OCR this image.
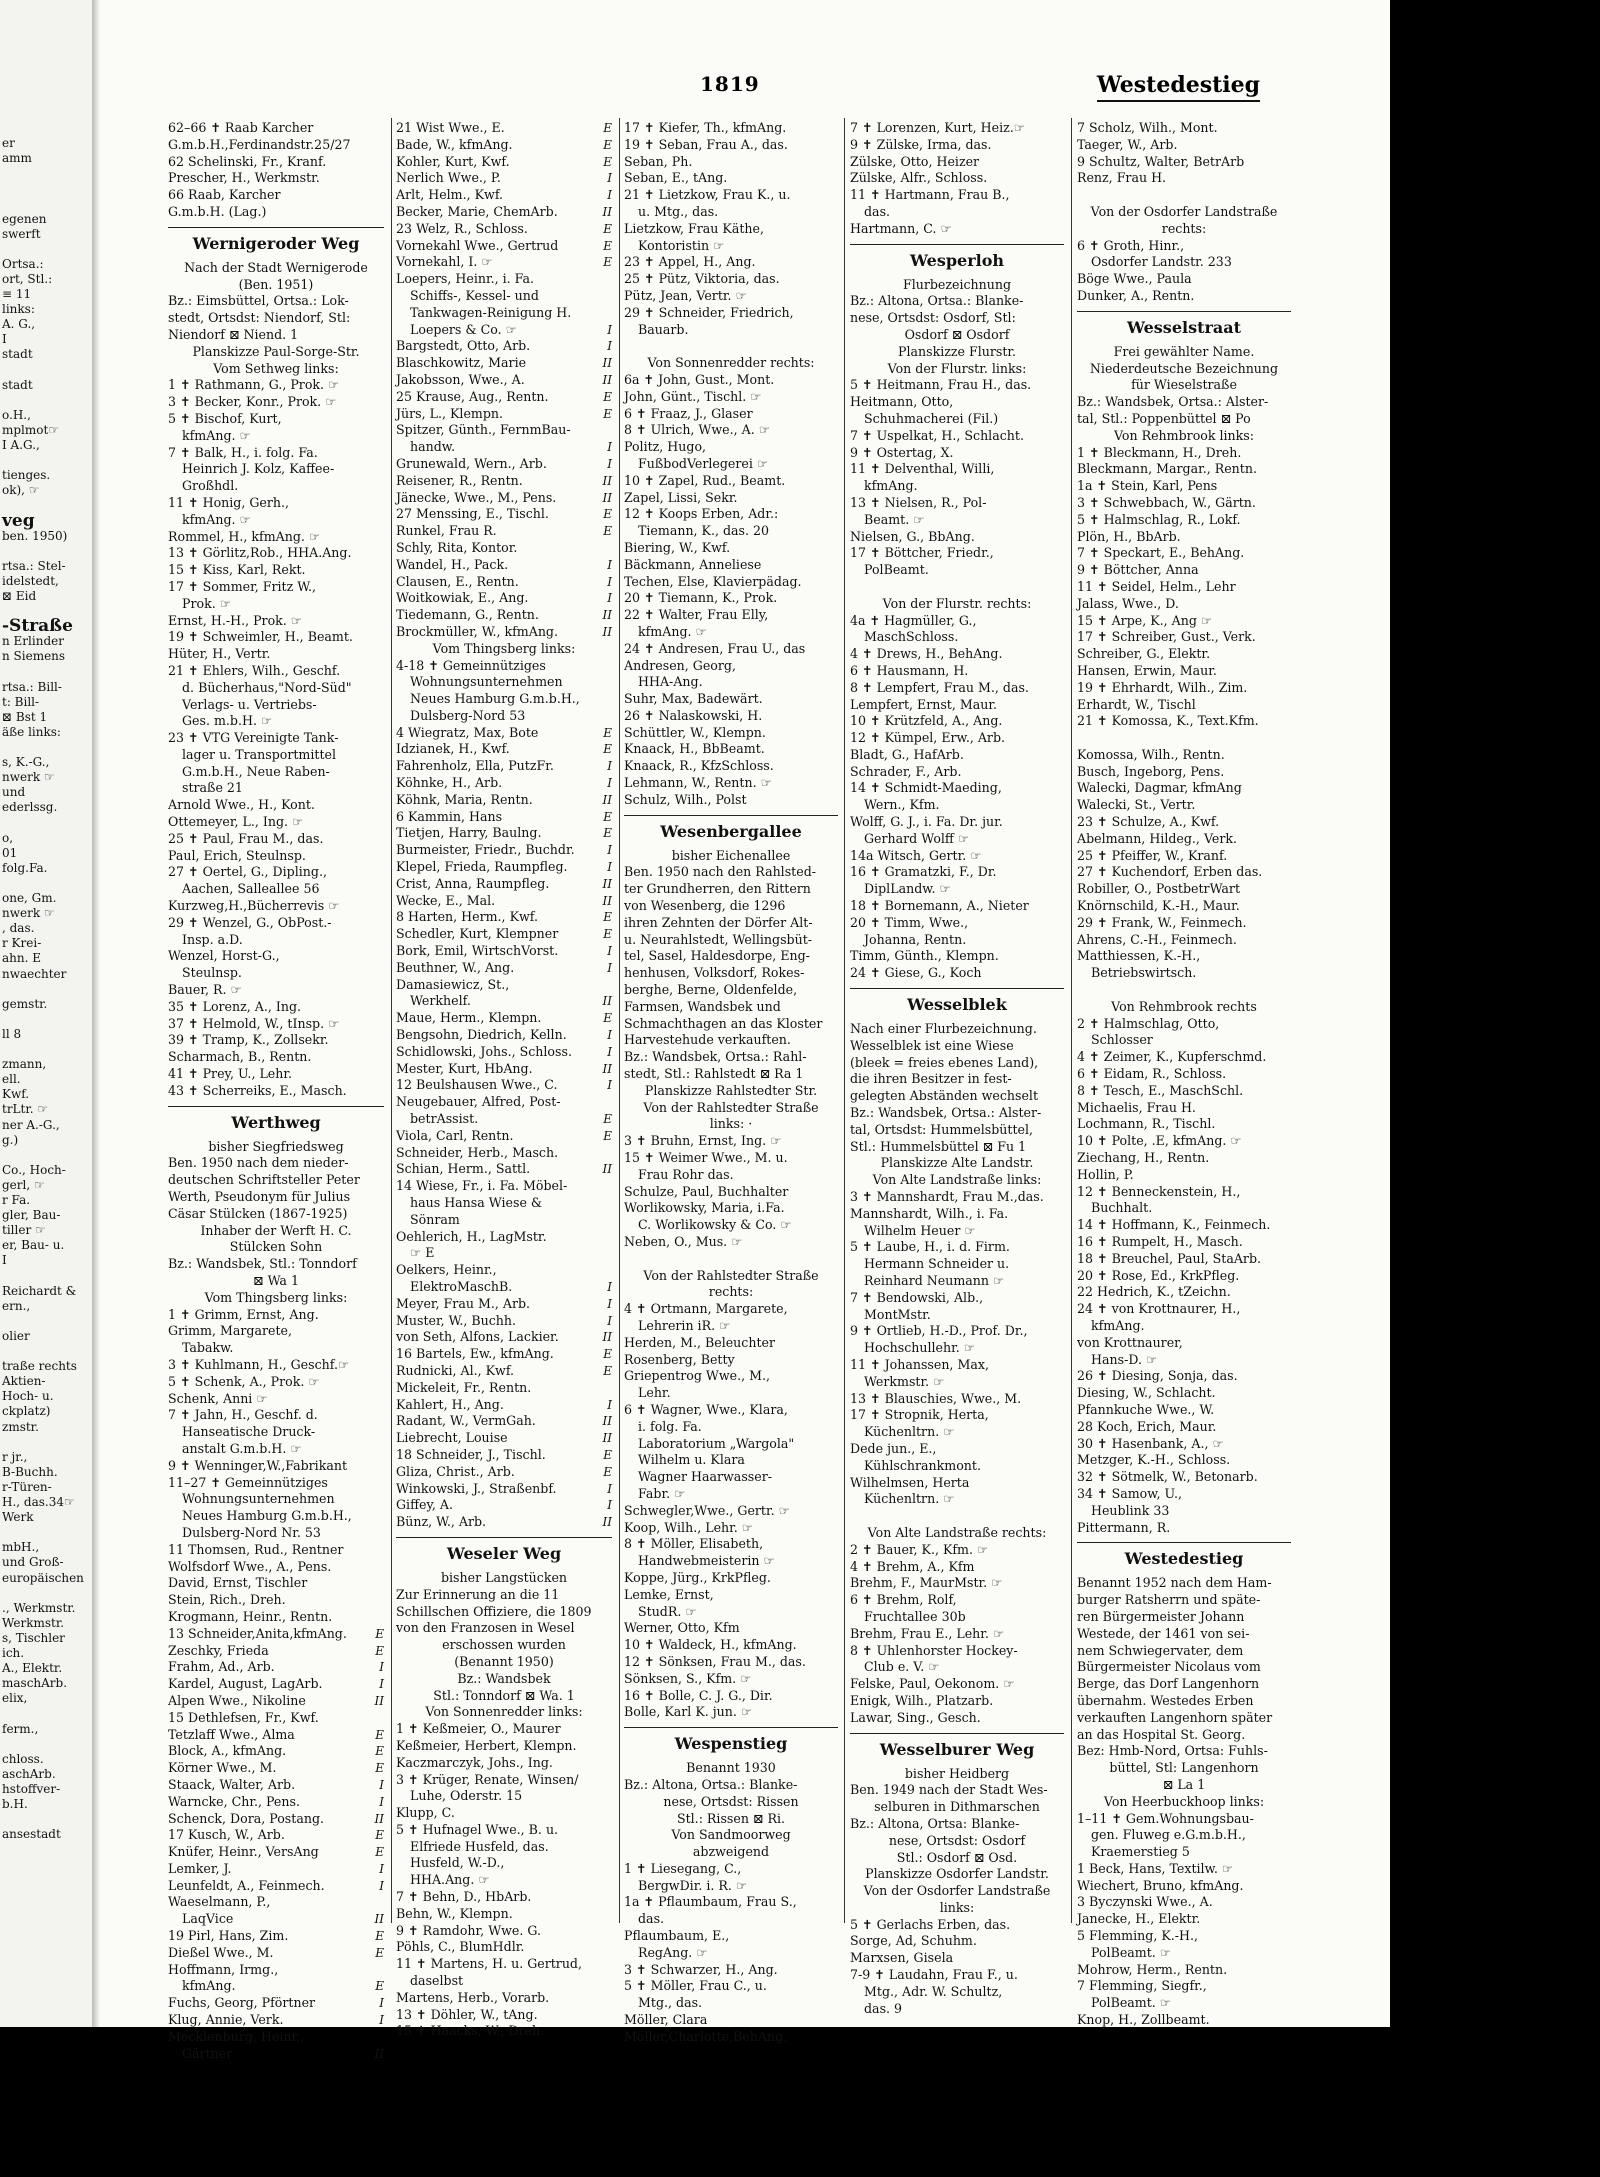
er
amm
egenen
swerft
Ortsa.:
ort, Stl.:
≡ 11
links:
A. G.,
I
stadt
stadt
o.H.,
mplmot☞
I A.G.,
tienges.
ok), ☞
veg
ben. 1950)
rtsa.: Stel-
idelstedt,
⊠ Eid
-Straße
n Erlinder
n Siemens
rtsa.: Bill-
t: Bill-
⊠ Bst 1
äße links:
s, K.-G.,
nwerk ☞
und
ederlssg.
o,
01
folg.Fa.
one, Gm.
nwerk ☞
, das.
r Krei-
ahn. E
nwaechter
gemstr.
ll 8
zmann,
ell.
Kwf.
trLtr. ☞
ner A.-G.,
g.)
Co., Hoch-
gerl, ☞
r Fa.
gler, Bau-
tiller ☞
er, Bau- u.
I
Reichardt &
ern.,
olier
traße rechts
Aktien-
Hoch- u.
ckplatz)
zmstr.
r jr.,
B-Buchh.
r-Türen-
H., das.34☞
Werk
mbH.,
und Groß-
europäischen
., Werkmstr.
Werkmstr.
s, Tischler
ich.
A., Elektr.
maschArb.
elix,
ferm.,
chloss.
aschArb.
hstoffver-
b.H.
ansestadt
1819	Westedestieg
62–66 ✝ Raab Karcher
G.m.b.H.,Ferdinandstr.25/27
62 Schelinski, Fr., Kranf.
Prescher, H., Werkmstr.
66 Raab, Karcher
G.m.b.H. (Lag.)
Wernigeroder Weg
Nach der Stadt Wernigerode
(Ben. 1951)
Bz.: Eimsbüttel, Ortsa.: Lok-
stedt, Ortsdst: Niendorf, Stl:
Niendorf ⊠ Niend. 1
Planskizze Paul-Sorge-Str.
Vom Sethweg links:
1 ✝ Rathmann, G., Prok. ☞
3 ✝ Becker, Konr., Prok. ☞
5 ✝ Bischof, Kurt,
kfmAng. ☞
7 ✝ Balk, H., i. folg. Fa.
Heinrich J. Kolz, Kaffee-
Großhdl.
11 ✝ Honig, Gerh.,
kfmAng. ☞
Rommel, H., kfmAng. ☞
13 ✝ Görlitz,Rob., HHA.Ang.
15 ✝ Kiss, Karl, Rekt.
17 ✝ Sommer, Fritz W.,
Prok. ☞
Ernst, H.-H., Prok. ☞
19 ✝ Schweimler, H., Beamt.
Hüter, H., Vertr.
21 ✝ Ehlers, Wilh., Geschf.
d. Bücherhaus,"Nord-Süd"
Verlags- u. Vertriebs-
Ges. m.b.H. ☞
23 ✝ VTG Vereinigte Tank-
lager u. Transportmittel
G.m.b.H., Neue Raben-
straße 21
Arnold Wwe., H., Kont.
Ottemeyer, L., Ing. ☞
25 ✝ Paul, Frau M., das.
Paul, Erich, Steulnsp.
27 ✝ Oertel, G., Dipling.,
Aachen, Salleallee 56
Kurzweg,H.,Bücherrevis ☞
29 ✝ Wenzel, G., ObPost.-
Insp. a.D.
Wenzel, Horst-G.,
Steulnsp.
Bauer, R. ☞
35 ✝ Lorenz, A., Ing.
37 ✝ Helmold, W., tInsp. ☞
39 ✝ Tramp, K., Zollsekr.
Scharmach, B., Rentn.
41 ✝ Prey, U., Lehr.
43 ✝ Scherreiks, E., Masch.
Werthweg
bisher Siegfriedsweg
Ben. 1950 nach dem nieder-
deutschen Schriftsteller Peter
Werth, Pseudonym für Julius
Cäsar Stülcken (1867-1925)
Inhaber der Werft H. C.
Stülcken Sohn
Bz.: Wandsbek, Stl.: Tonndorf
⊠ Wa 1
Vom Thingsberg links:
1 ✝ Grimm, Ernst, Ang.
Grimm, Margarete,
Tabakw.
3 ✝ Kuhlmann, H., Geschf.☞
5 ✝ Schenk, A., Prok. ☞
Schenk, Anni ☞
7 ✝ Jahn, H., Geschf. d.
Hanseatische Druck-
anstalt G.m.b.H. ☞
9 ✝ Wenninger,W.,Fabrikant
11–27 ✝ Gemeinnütziges
Wohnungsunternehmen
Neues Hamburg G.m.b.H.,
Dulsberg-Nord Nr. 53
11 Thomsen, Rud., Rentner
Wolfsdorf Wwe., A., Pens.
David, Ernst, Tischler
Stein, Rich., Dreh.
Krogmann, Heinr., Rentn.
13 Schneider,Anita,kfmAng. E
Zeschky, Frieda	E
Frahm, Ad., Arb.	I
Kardel, August, LagArb.	I
Alpen Wwe., Nikoline	II
15 Dethlefsen, Fr., Kwf.
Tetzlaff Wwe., Alma	E
Block, A., kfmAng.	E
Körner Wwe., M.	E
Staack, Walter, Arb.	I
Warncke, Chr., Pens.	I
Schenck, Dora, Postang.	II
17 Kusch, W., Arb.	E
Knüfer, Heinr., VersAng	E
Lemker, J.	I
Leunfeldt, A., Feinmech.	I
Waeselmann, P.,
LaqVice	II
19 Pirl, Hans, Zim.	E
Dießel Wwe., M.	E
Hoffmann, Irmg.,
kfmAng.	E
Fuchs, Georg, Pförtner	I
Klug, Annie, Verk.	I
Mecklenburg, Heinr.,
Gärtner	II
21 Wist Wwe., E.	E
Bade, W., kfmAng.	E
Kohler, Kurt, Kwf.	E
Nerlich Wwe., P.	I
Arlt, Helm., Kwf.	I
Becker, Marie, ChemArb.	II
23 Welz, R., Schloss.	E
Vornekahl Wwe., Gertrud	E
Vornekahl, I. ☞	E
Loepers, Heinr., i. Fa.
Schiffs-, Kessel- und
Tankwagen-Reinigung H.
Loepers & Co. ☞	I
Bargstedt, Otto, Arb.	I
Blaschkowitz, Marie	II
Jakobsson, Wwe., A.	II
25 Krause, Aug., Rentn.	E
Jürs, L., Klempn.	E
Spitzer, Günth., FernmBau-
handw.	I
Grunewald, Wern., Arb.	I
Reisener, R., Rentn.	II
Jänecke, Wwe., M., Pens.	II
27 Menssing, E., Tischl.	E
Runkel, Frau R.	E
Schly, Rita, Kontor.
Wandel, H., Pack.	I
Clausen, E., Rentn.	I
Woitkowiak, E., Ang.	I
Tiedemann, G., Rentn.	II
Brockmüller, W., kfmAng.	II
Vom Thingsberg links:
4-18 ✝ Gemeinnütziges
Wohnungsunternehmen
Neues Hamburg G.m.b.H.,
Dulsberg-Nord 53
4 Wiegratz, Max, Bote	E
Idzianek, H., Kwf.	E
Fahrenholz, Ella, PutzFr.	I
Köhnke, H., Arb.	I
Köhnk, Maria, Rentn.	II
6 Kammin, Hans	E
Tietjen, Harry, Baulng.	E
Burmeister, Friedr., Buchdr.	I
Klepel, Frieda, Raumpfleg.	I
Crist, Anna, Raumpfleg.	II
Wecke, E., Mal.	II
8 Harten, Herm., Kwf.	E
Schedler, Kurt, Klempner	E
Bork, Emil, WirtschVorst.	I
Beuthner, W., Ang.	I
Damasiewicz, St.,
Werkhelf.	II
Maue, Herm., Klempn.	E
Bengsohn, Diedrich, Kelln.	I
Schidlowski, Johs., Schloss.	I
Mester, Kurt, HbAng.	II
12 Beulshausen Wwe., C.	I
Neugebauer, Alfred, Post-
betrAssist.	E
Viola, Carl, Rentn.	E
Schneider, Herb., Masch.
Schian, Herm., Sattl.	II
14 Wiese, Fr., i. Fa. Möbel-
haus Hansa Wiese &
Sönram
Oehlerich, H., LagMstr.
☞ E
Oelkers, Heinr.,
ElektroMaschB.	I
Meyer, Frau M., Arb.	I
Muster, W., Buchh.	I
von Seth, Alfons, Lackier.	II
16 Bartels, Ew., kfmAng.	E
Rudnicki, Al., Kwf.	E
Mickeleit, Fr., Rentn.
Kahlert, H., Ang.	I
Radant, W., VermGah.	II
Liebrecht, Louise	II
18 Schneider, J., Tischl.	E
Gliza, Christ., Arb.	E
Winkowski, J., Straßenbf.	I
Giffey, A.	I
Bünz, W., Arb.	II
Weseler Weg
bisher Langstücken
Zur Erinnerung an die 11
Schillschen Offiziere, die 1809
von den Franzosen in Wesel
erschossen wurden
(Benannt 1950)
Bz.: Wandsbek
Stl.: Tonndorf ⊠ Wa. 1
Von Sonnenredder links:
1 ✝ Keßmeier, O., Maurer
Keßmeier, Herbert, Klempn.
Kaczmarczyk, Johs., Ing.
3 ✝ Krüger, Renate, Winsen/
Luhe, Oderstr. 15
Klupp, C.
5 ✝ Hufnagel Wwe., B. u.
Elfriede Husfeld, das.
Husfeld, W.-D.,
HHA.Ang. ☞
7 ✝ Behn, D., HbArb.
Behn, W., Klempn.
9 ✝ Ramdohr, Wwe. G.
Pöhls, C., BlumHdlr.
11 ✝ Martens, H. u. Gertrud,
daselbst
Martens, Herb., Vorarb.
13 ✝ Döhler, W., tAng.
15 ✝ Haacks, W., Dreh.
17 ✝ Kiefer, Th., kfmAng.
19 ✝ Seban, Frau A., das.
Seban, Ph.
Seban, E., tAng.
21 ✝ Lietzkow, Frau K., u.
u. Mtg., das.
Lietzkow, Frau Käthe,
Kontoristin ☞
23 ✝ Appel, H., Ang.
25 ✝ Pütz, Viktoria, das.
Pütz, Jean, Vertr. ☞
29 ✝ Schneider, Friedrich,
Bauarb.
Von Sonnenredder rechts:
6a ✝ John, Gust., Mont.
John, Günt., Tischl. ☞
6 ✝ Fraaz, J., Glaser
8 ✝ Ulrich, Wwe., A. ☞
Politz, Hugo,
FußbodVerlegerei ☞
10 ✝ Zapel, Rud., Beamt.
Zapel, Lissi, Sekr.
12 ✝ Koops Erben, Adr.:
Tiemann, K., das. 20
Biering, W., Kwf.
Bäckmann, Anneliese
Techen, Else, Klavierpädag.
20 ✝ Tiemann, K., Prok.
22 ✝ Walter, Frau Elly,
kfmAng. ☞
24 ✝ Andresen, Frau U., das
Andresen, Georg,
HHA-Ang.
Suhr, Max, Badewärt.
26 ✝ Nalaskowski, H.
Schüttler, W., Klempn.
Knaack, H., BbBeamt.
Knaack, R., KfzSchloss.
Lehmann, W., Rentn. ☞
Schulz, Wilh., Polst
Wesenbergallee
bisher Eichenallee
Ben. 1950 nach den Rahlsted-
ter Grundherren, den Rittern
von Wesenberg, die 1296
ihren Zehnten der Dörfer Alt-
u. Neurahlstedt, Wellingsbüt-
tel, Sasel, Haldesdorpe, Eng-
henhusen, Volksdorf, Rokes-
berghe, Berne, Oldenfelde,
Farmsen, Wandsbek und
Schmachthagen an das Kloster
Harvestehude verkauften.
Bz.: Wandsbek, Ortsa.: Rahl-
stedt, Stl.: Rahlstedt ⊠ Ra 1
Planskizze Rahlstedter Str.
Von der Rahlstedter Straße
links: ·
3 ✝ Bruhn, Ernst, Ing. ☞
15 ✝ Weimer Wwe., M. u.
Frau Rohr das.
Schulze, Paul, Buchhalter
Worlikowsky, Maria, i.Fa.
C. Worlikowsky & Co. ☞
Neben, O., Mus. ☞
Von der Rahlstedter Straße
rechts:
4 ✝ Ortmann, Margarete,
Lehrerin iR. ☞
Herden, M., Beleuchter
Rosenberg, Betty
Griepentrog Wwe., M.,
Lehr.
6 ✝ Wagner, Wwe., Klara,
i. folg. Fa.
Laboratorium „Wargola"
Wilhelm u. Klara
Wagner Haarwasser-
Fabr. ☞
Schwegler,Wwe., Gertr. ☞
Koop, Wilh., Lehr. ☞
8 ✝ Möller, Elisabeth,
Handwebmeisterin ☞
Koppe, Jürg., KrkPfleg.
Lemke, Ernst,
StudR. ☞
Werner, Otto, Kfm
10 ✝ Waldeck, H., kfmAng.
12 ✝ Sönksen, Frau M., das.
Sönksen, S., Kfm. ☞
16 ✝ Bolle, C. J. G., Dir.
Bolle, Karl K. jun. ☞
Wespenstieg
Benannt 1930
Bz.: Altona, Ortsa.: Blanke-
nese, Ortsdst: Rissen
Stl.: Rissen ⊠ Ri.
Von Sandmoorweg
abzweigend
1 ✝ Liesegang, C.,
BergwDir. i. R. ☞
1a ✝ Pflaumbaum, Frau S.,
das.
Pflaumbaum, E.,
RegAng. ☞
3 ✝ Schwarzer, H., Ang.
5 ✝ Möller, Frau C., u.
Mtg., das.
Möller, Clara
Möller,Charlotte,BehAng.
7 ✝ Lorenzen, Kurt, Heiz.☞
9 ✝ Zülske, Irma, das.
Zülske, Otto, Heizer
Zülske, Alfr., Schloss.
11 ✝ Hartmann, Frau B.,
das.
Hartmann, C. ☞
Wesperloh
Flurbezeichnung
Bz.: Altona, Ortsa.: Blanke-
nese, Ortsdst: Osdorf, Stl:
Osdorf ⊠ Osdorf
Planskizze Flurstr.
Von der Flurstr. links:
5 ✝ Heitmann, Frau H., das.
Heitmann, Otto,
Schuhmacherei (Fil.)
7 ✝ Uspelkat, H., Schlacht.
9 ✝ Ostertag, X.
11 ✝ Delventhal, Willi,
kfmAng.
13 ✝ Nielsen, R., Pol-
Beamt. ☞
Nielsen, G., BbAng.
17 ✝ Böttcher, Friedr.,
PolBeamt.
Von der Flurstr. rechts:
4a ✝ Hagmüller, G.,
MaschSchloss.
4 ✝ Drews, H., BehAng.
6 ✝ Hausmann, H.
8 ✝ Lempfert, Frau M., das.
Lempfert, Ernst, Maur.
10 ✝ Krützfeld, A., Ang.
12 ✝ Kümpel, Erw., Arb.
Bladt, G., HafArb.
Schrader, F., Arb.
14 ✝ Schmidt-Maeding,
Wern., Kfm.
Wolff, G. J., i. Fa. Dr. jur.
Gerhard Wolff ☞
14a Witsch, Gertr. ☞
16 ✝ Gramatzki, F., Dr.
DiplLandw. ☞
18 ✝ Bornemann, A., Nieter
20 ✝ Timm, Wwe.,
Johanna, Rentn.
Timm, Günth., Klempn.
24 ✝ Giese, G., Koch
Wesselblek
Nach einer Flurbezeichnung.
Wesselblek ist eine Wiese
(bleek = freies ebenes Land),
die ihren Besitzer in fest-
gelegten Abständen wechselt
Bz.: Wandsbek, Ortsa.: Alster-
tal, Ortsdst: Hummelsbüttel,
Stl.: Hummelsbüttel ⊠ Fu 1
Planskizze Alte Landstr.
Von Alte Landstraße links:
3 ✝ Mannshardt, Frau M.,das.
Mannshardt, Wilh., i. Fa.
Wilhelm Heuer ☞
5 ✝ Laube, H., i. d. Firm.
Hermann Schneider u.
Reinhard Neumann ☞
7 ✝ Bendowski, Alb.,
MontMstr.
9 ✝ Ortlieb, H.-D., Prof. Dr.,
Hochschullehr. ☞
11 ✝ Johanssen, Max,
Werkmstr. ☞
13 ✝ Blauschies, Wwe., M.
17 ✝ Stropnik, Herta,
Küchenltrn. ☞
Dede jun., E.,
Kühlschrankmont.
Wilhelmsen, Herta
Küchenltrn. ☞
Von Alte Landstraße rechts:
2 ✝ Bauer, K., Kfm. ☞
4 ✝ Brehm, A., Kfm
Brehm, F., MaurMstr. ☞
6 ✝ Brehm, Rolf,
Fruchtallee 30b
Brehm, Frau E., Lehr. ☞
8 ✝ Uhlenhorster Hockey-
Club e. V. ☞
Felske, Paul, Oekonom. ☞
Enigk, Wilh., Platzarb.
Lawar, Sing., Gesch.
Wesselburer Weg
bisher Heidberg
Ben. 1949 nach der Stadt Wes-
selburen in Dithmarschen
Bz.: Altona, Ortsa: Blanke-
nese, Ortsdst: Osdorf
Stl.: Osdorf ⊠ Osd.
Planskizze Osdorfer Landstr.
Von der Osdorfer Landstraße
links:
5 ✝ Gerlachs Erben, das.
Sorge, Ad, Schuhm.
Marxsen, Gisela
7-9 ✝ Laudahn, Frau F., u.
Mtg., Adr. W. Schultz,
das. 9
7 Scholz, Wilh., Mont.
Taeger, W., Arb.
9 Schultz, Walter, BetrArb
Renz, Frau H.
Von der Osdorfer Landstraße
rechts:
6 ✝ Groth, Hinr.,
Osdorfer Landstr. 233
Böge Wwe., Paula
Dunker, A., Rentn.
Wesselstraat
Frei gewählter Name.
Niederdeutsche Bezeichnung
für Wieselstraße
Bz.: Wandsbek, Ortsa.: Alster-
tal, Stl.: Poppenbüttel ⊠ Po
Von Rehmbrook links:
1 ✝ Bleckmann, H., Dreh.
Bleckmann, Margar., Rentn.
1a ✝ Stein, Karl, Pens
3 ✝ Schwebbach, W., Gärtn.
5 ✝ Halmschlag, R., Lokf.
Plön, H., BbArb.
7 ✝ Speckart, E., BehAng.
9 ✝ Böttcher, Anna
11 ✝ Seidel, Helm., Lehr
Jalass, Wwe., D.
15 ✝ Arpe, K., Ang ☞
17 ✝ Schreiber, Gust., Verk.
Schreiber, G., Elektr.
Hansen, Erwin, Maur.
19 ✝ Ehrhardt, Wilh., Zim.
Erhardt, W., Tischl
21 ✝ Komossa, K., Text.Kfm.
Komossa, Wilh., Rentn.
Busch, Ingeborg, Pens.
Walecki, Dagmar, kfmAng
Walecki, St., Vertr.
23 ✝ Schulze, A., Kwf.
Abelmann, Hildeg., Verk.
25 ✝ Pfeiffer, W., Kranf.
27 ✝ Kuchendorf, Erben das.
Robiller, O., PostbetrWart
Knörnschild, K.-H., Maur.
29 ✝ Frank, W., Feinmech.
Ahrens, C.-H., Feinmech.
Matthiessen, K.-H.,
Betriebswirtsch.
Von Rehmbrook rechts
2 ✝ Halmschlag, Otto,
Schlosser
4 ✝ Zeimer, K., Kupferschmd.
6 ✝ Eidam, R., Schloss.
8 ✝ Tesch, E., MaschSchl.
Michaelis, Frau H.
Lochmann, R., Tischl.
10 ✝ Polte, .E, kfmAng. ☞
Ziechang, H., Rentn.
Hollin, P.
12 ✝ Benneckenstein, H.,
Buchhalt.
14 ✝ Hoffmann, K., Feinmech.
16 ✝ Rumpelt, H., Masch.
18 ✝ Breuchel, Paul, StaArb.
20 ✝ Rose, Ed., KrkPfleg.
22 Hedrich, K., tZeichn.
24 ✝ von Krottnaurer, H.,
kfmAng.
von Krottnaurer,
Hans-D. ☞
26 ✝ Diesing, Sonja, das.
Diesing, W., Schlacht.
Pfannkuche Wwe., W.
28 Koch, Erich, Maur.
30 ✝ Hasenbank, A., ☞
Metzger, K.-H., Schloss.
32 ✝ Sötmelk, W., Betonarb.
34 ✝ Samow, U.,
Heublink 33
Pittermann, R.
Westedestieg
Benannt 1952 nach dem Ham-
burger Ratsherrn und späte-
ren Bürgermeister Johann
Westede, der 1461 von sei-
nem Schwiegervater, dem
Bürgermeister Nicolaus vom
Berge, das Dorf Langenhorn
übernahm. Westedes Erben
verkauften Langenhorn später
an das Hospital St. Georg.
Bez: Hmb-Nord, Ortsa: Fuhls-
büttel, Stl: Langenhorn
⊠ La 1
Von Heerbuckhoop links:
1–11 ✝ Gem.Wohnungsbau-
gen. Fluweg e.G.m.b.H.,
Kraemerstieg 5
1 Beck, Hans, Textilw. ☞
Wiechert, Bruno, kfmAng.
3 Byczynski Wwe., A.
Janecke, H., Elektr.
5 Flemming, K.-H.,
PolBeamt. ☞
Mohrow, Herm., Rentn.
7 Flemming, Siegfr.,
PolBeamt. ☞
Knop, H., Zollbeamt.
